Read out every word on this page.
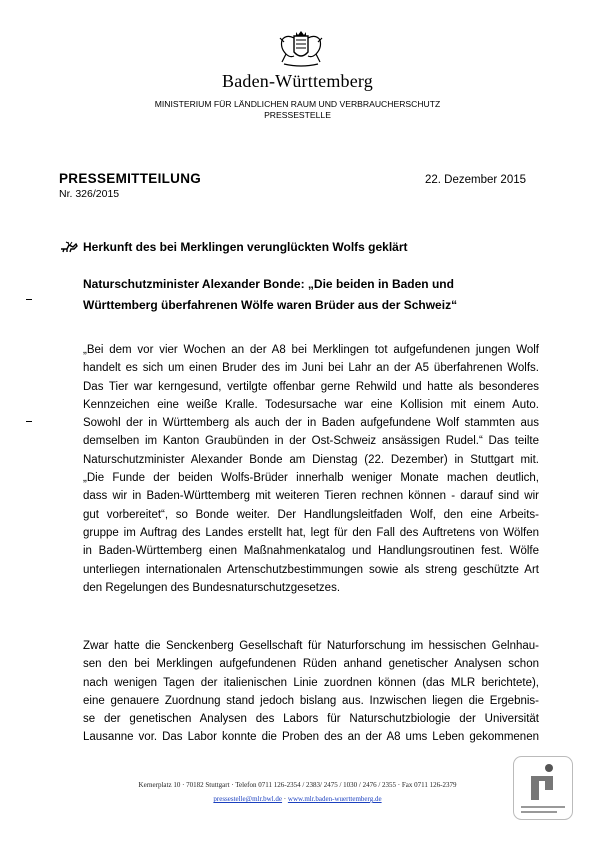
Baden-Württemberg
MINISTERIUM FÜR LÄNDLICHEN RAUM UND VERBRAUCHERSCHUTZ
PRESSESTELLE
PRESSEMITTEILUNG
Nr. 326/2015
22. Dezember 2015
Herkunft des bei Merklingen verunglückten Wolfs geklärt
Naturschutzminister Alexander Bonde: „Die beiden in Baden und
Württemberg überfahrenen Wölfe waren Brüder aus der Schweiz“
„Bei dem vor vier Wochen an der A8 bei Merklingen tot aufgefundenen jungen Wolf
handelt es sich um einen Bruder des im Juni bei Lahr an der A5 überfahrenen Wolfs.
Das Tier war kerngesund, vertilgte offenbar gerne Rehwild und hatte als besonderes
Kennzeichen eine weiße Kralle. Todesursache war eine Kollision mit einem Auto.
Sowohl der in Württemberg als auch der in Baden aufgefundene Wolf stammten aus
demselben im Kanton Graubünden in der Ost-Schweiz ansässigen Rudel.“ Das teilte
Naturschutzminister Alexander Bonde am Dienstag (22. Dezember) in Stuttgart mit.
„Die Funde der beiden Wolfs-Brüder innerhalb weniger Monate machen deutlich,
dass wir in Baden-Württemberg mit weiteren Tieren rechnen können - darauf sind wir
gut vorbereitet“, so Bonde weiter. Der Handlungsleitfaden Wolf, den eine Arbeits-
gruppe im Auftrag des Landes erstellt hat, legt für den Fall des Auftretens von Wölfen
in Baden-Württemberg einen Maßnahmenkatalog und Handlungsroutinen fest. Wölfe
unterliegen internationalen Artenschutzbestimmungen sowie als streng geschützte Art
den Regelungen des Bundesnaturschutzgesetzes.
Zwar hatte die Senckenberg Gesellschaft für Naturforschung im hessischen Gelnhau-
sen den bei Merklingen aufgefundenen Rüden anhand genetischer Analysen schon
nach wenigen Tagen der italienischen Linie zuordnen können (das MLR berichtete),
eine genauere Zuordnung stand jedoch bislang aus. Inzwischen liegen die Ergebnis-
se der genetischen Analysen des Labors für Naturschutzbiologie der Universität
Lausanne vor. Das Labor konnte die Proben des an der A8 ums Leben gekommenen
Kernerplatz 10 · 70182 Stuttgart · Telefon 0711 126-2354 / 2383/ 2475 / 1030 / 2476 / 2355 · Fax 0711 126-2379
pressestelle@mlr.bwl.de · www.mlr.baden-wuerttemberg.de
